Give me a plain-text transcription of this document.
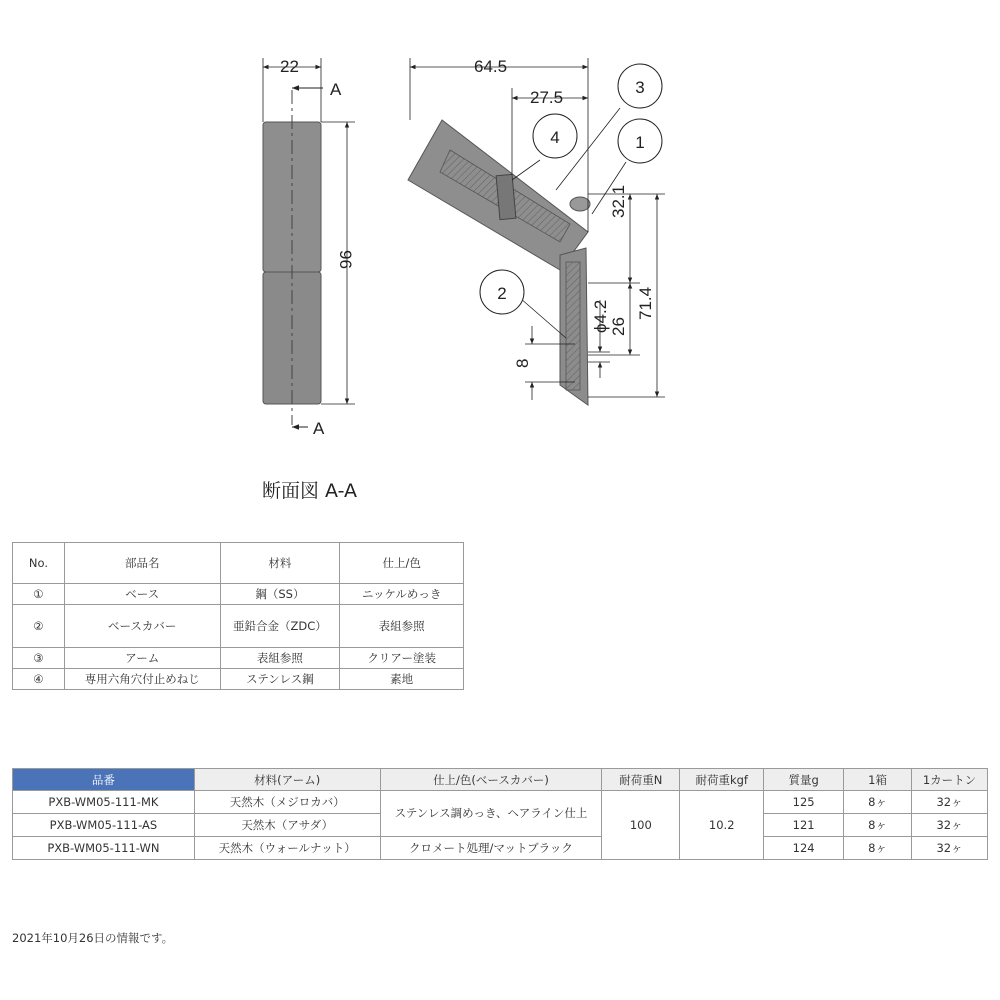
22
A
A
96
64.5
27.5
32.1
71.4
ϕ4.2 26
8
3
1
4
2
断面図 A-A
No.	部品名	材料	仕上/色
①	ベース	鋼（SS）	ニッケルめっき
②	ベースカバー	亜鉛合金（ZDC）	表組参照
③	アーム	表組参照	クリアー塗装
④	専用六角穴付止めねじ	ステンレス鋼	素地
品番	材料(アーム)	仕上/色(ベースカバー)	耐荷重N	耐荷重kgf	質量g	1箱	1カートン
PXB-WM05-111-MK	天然木（メジロカバ）	ステンレス調めっき、ヘアライン仕上	100	10.2	125	8ヶ	32ヶ
PXB-WM05-111-AS	天然木（アサダ）				121	8ヶ	32ヶ
PXB-WM05-111-WN	天然木（ウォールナット）	クロメート処理/マットブラック			124	8ヶ	32ヶ
2021年10月26日の情報です。
